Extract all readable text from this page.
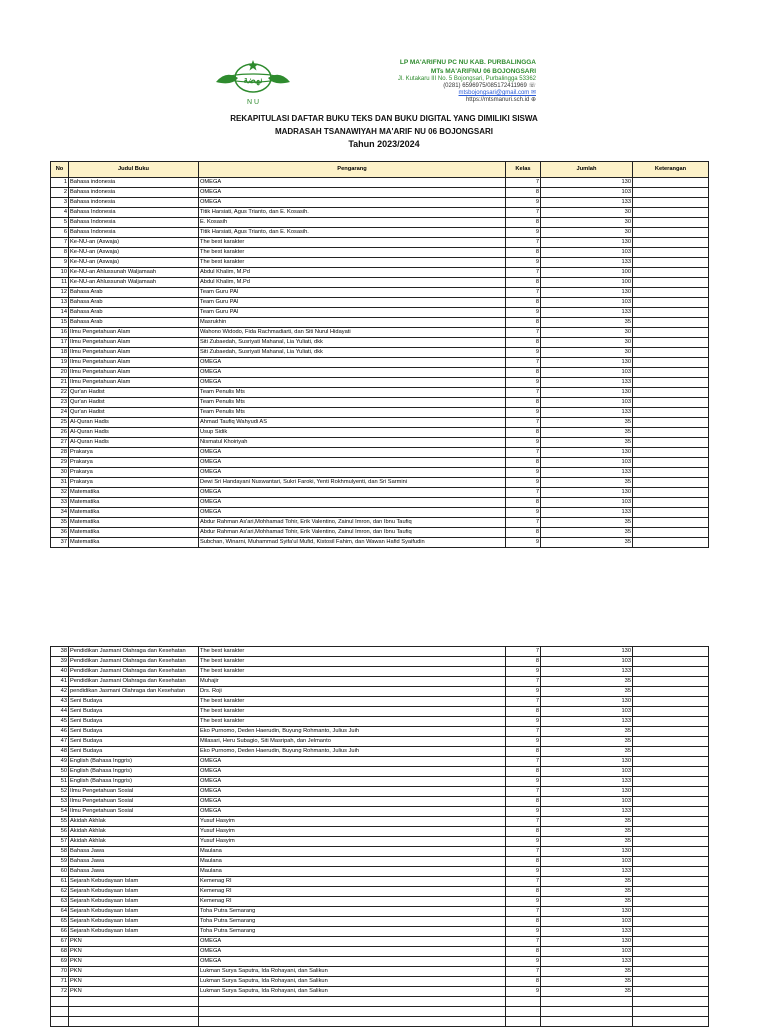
نهضة
N U
LP MA'ARIFNU PC NU KAB. PURBALINGGA
MTs MA'ARIFNU 06 BOJONGSARI
Jl. Kutakaru III No. 5 Bojongsari, Purbalingga 53362
(0281) 6596975/085172411969 ☏
mtsbojongsari@gmail.com ✉
https://mtsmanuri.sch.id ⊕
REKAPITULASI DAFTAR BUKU TEKS DAN BUKU DIGITAL YANG DIMILIKI SISWA
MADRASAH TSANAWIYAH MA'ARIF NU 06 BOJONGSARI
Tahun 2023/2024
No	Judul Buku	Pengarang	Kelas	Jumlah	Keterangan
1	Bahasa indonesia	OMEGA	7	130	
2	Bahasa indonesia	OMEGA	8	103	
3	Bahasa indonesia	OMEGA	9	133	
4	Bahasa Indonesia	Titik Harsiati, Agus Trianto, dan E. Kosasih.	7	30	
5	Bahasa Indonesia	E. Kosasih	8	30	
6	Bahasa Indonesia	Titik Harsiati, Agus Trianto, dan E. Kosasih.	9	30	
7	Ke-NU-an (Aswaja)	The best karakter	7	130	
8	Ke-NU-an (Aswaja)	The best karakter	8	103	
9	Ke-NU-an (Aswaja)	The best karakter	9	133	
10	Ke-NU-an Ahlussunah Waljamaah	Abdul Khalim, M.Pd	7	100	
11	Ke-NU-an Ahlussunah Waljamaah	Abdul Khalim, M.Pd	8	100	
12	Bahasa Arab	Team Guru PAI	7	130	
13	Bahasa Arab	Team Guru PAI	8	103	
14	Bahasa Arab	Team Guru PAI	9	133	
15	Bahasa Arab	Masrukhin	8	35	
16	Ilmu Pengetahuan Alam	Wahono Widodo, Fida Rachmadiarti, dan Siti Nurul Hidayati	7	30	
17	Ilmu Pengetahuan Alam	Siti Zubaedah, Susriyati Mahanal, Lia Yuliati, dkk	8	30	
18	Ilmu Pengetahuan Alam	Siti Zubaedah, Susriyati Mahanal, Lia Yuliati, dkk	9	30	
19	Ilmu Pengetahuan Alam	OMEGA	7	130	
20	Ilmu Pengetahuan Alam	OMEGA	8	103	
21	Ilmu Pengetahuan Alam	OMEGA	9	133	
22	Qur'an Hadist	Team Penulis Mts	7	130	
23	Qur'an Hadist	Team Penulis Mts	8	103	
24	Qur'an Hadist	Team Penulis Mts	9	133	
25	Al-Quran Hadis	Ahmad Taufiq Wahyudi AS	7	35	
26	Al-Quran Hadis	Usup Sidik	8	35	
27	Al-Quran Hadis	Nismatul Khoiriyah	9	35	
28	Prakarya	OMEGA	7	130	
29	Prakarya	OMEGA	8	103	
30	Prakarya	OMEGA	9	133	
31	Prakarya	Dewi Sri Handayani Nuswantari, Sukri Faroki, Yenti Rokhmulyenti, dan Sri Sarmini	9	35	
32	Matematika	OMEGA	7	130	
33	Matematika	OMEGA	8	103	
34	Matematika	OMEGA	9	133	
35	Matematika	Abdur Rahman As'ari,Mohhamad Tohir, Erik Valentino, Zainul Imron, dan Ibnu Taufiq	7	35	
36	Matematika	Abdur Rahman As'ari,Mohhamad Tohir, Erik Valentino, Zainul Imron, dan Ibnu Taufiq	8	35	
37	Matematika	Subchan, Winarni, Muhammad Syifa'ul Mufid, Kistosil Fahim, dan Wawan Hafid Syaifudin	9	35	
38	Pendidikan Jasmani Olahraga dan Kesehatan	The best karakter	7	130	
39	Pendidikan Jasmani Olahraga dan Kesehatan	The best karakter	8	103	
40	Pendidikan Jasmani Olahraga dan Kesehatan	The best karakter	9	133	
41	Pendidikan Jasmani Olahraga dan Kesehatan	Muhajir	7	35	
42	pendidikan Jasmani Olahraga dan Kesehatan	Drs. Roji	9	35	
43	Seni Budaya	The best karakter	7	130	
44	Seni Budaya	The best karakter	8	103	
45	Seni Budaya	The best karakter	9	133	
46	Seni Budaya	Eko Purnomo, Deden Haerudin, Buyung Rohmanto, Julius Juih	7	35	
47	Seni Budaya	Milasari, Heru Subagio, Siti Masripah, dan Jelmanto	9	35	
48	Seni Budaya	Eko Purnomo, Deden Haerudin, Buyung Rohmanto, Julius Juih	8	35	
49	English (Bahasa Inggris)	OMEGA	7	130	
50	English (Bahasa Inggris)	OMEGA	8	103	
51	English (Bahasa Inggris)	OMEGA	9	133	
52	Ilmu Pengetahuan Sosial	OMEGA	7	130	
53	Ilmu Pengetahuan Sosial	OMEGA	8	103	
54	Ilmu Pengetahuan Sosial	OMEGA	9	133	
55	Akidah Akhlak	Yusuf Hasyim	7	35	
56	Akidah Akhlak	Yusuf Hasyim	8	35	
57	Akidah Akhlak	Yusuf Hasyim	9	35	
58	Bahasa Jawa	Maulana	7	130	
59	Bahasa Jawa	Maulana	8	103	
60	Bahasa Jawa	Maulana	9	133	
61	Sejarah Kebudayaan Islam	Kemenag RI	7	35	
62	Sejarah Kebudayaan Islam	Kemenag RI	8	35	
63	Sejarah Kebudayaan Islam	Kemenag RI	9	35	
64	Sejarah Kebudayaan Islam	Toha Putra Semarang	7	130	
65	Sejarah Kebudayaan Islam	Toha Putra Semarang	8	103	
66	Sejarah Kebudayaan Islam	Toha Putra Semarang	9	133	
67	PKN	OMEGA	7	130	
68	PKN	OMEGA	8	103	
69	PKN	OMEGA	9	133	
70	PKN	Lukman Surya Saputra, Ida Rohayani, dan Salikun	7	35	
71	PKN	Lukman Surya Saputra, Ida Rohayani, dan Salikun	8	35	
72	PKN	Lukman Surya Saputra, Ida Rohayani, dan Salikun	9	35	
